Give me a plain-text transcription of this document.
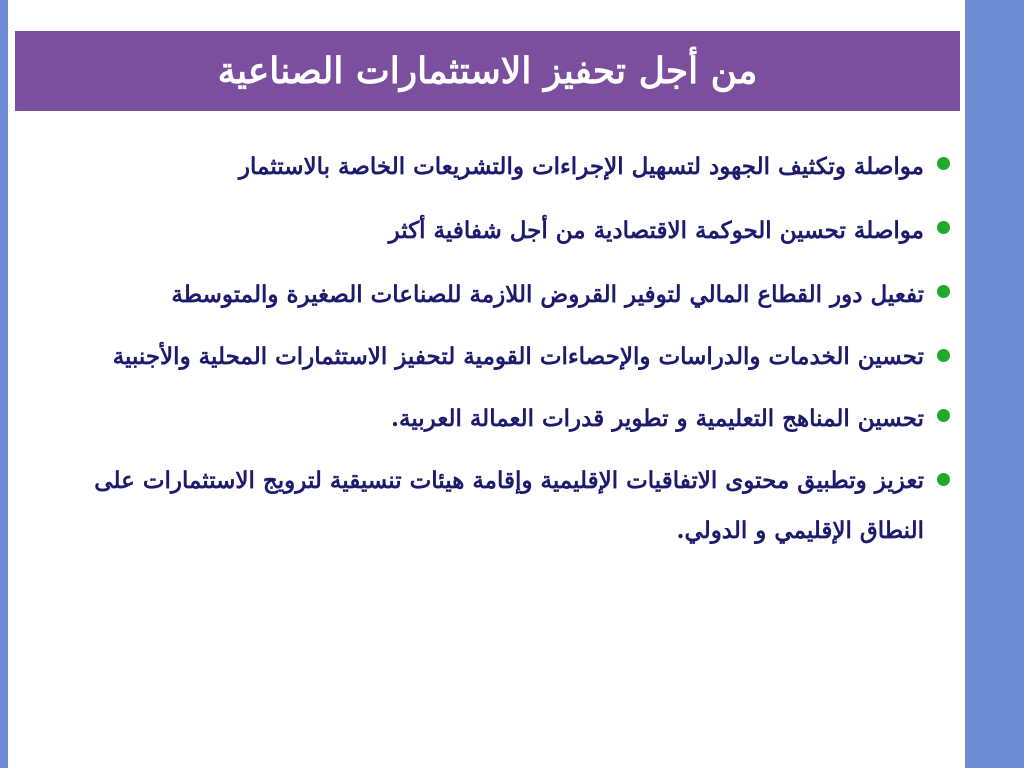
من أجل تحفيز الاستثمارات الصناعية
مواصلة وتكثيف الجهود لتسهيل الإجراءات والتشريعات الخاصة بالاستثمار
مواصلة تحسين الحوكمة الاقتصادية من أجل شفافية أكثر
تفعيل دور القطاع المالي لتوفير القروض اللازمة للصناعات الصغيرة والمتوسطة
تحسين الخدمات والدراسات والإحصاءات القومية لتحفيز الاستثمارات المحلية والأجنبية
تحسين المناهج التعليمية و تطوير قدرات العمالة العربية.
تعزيز وتطبيق محتوى الاتفاقيات الإقليمية وإقامة هيئات تنسيقية لترويج الاستثمارات على النطاق الإقليمي و الدولي.
